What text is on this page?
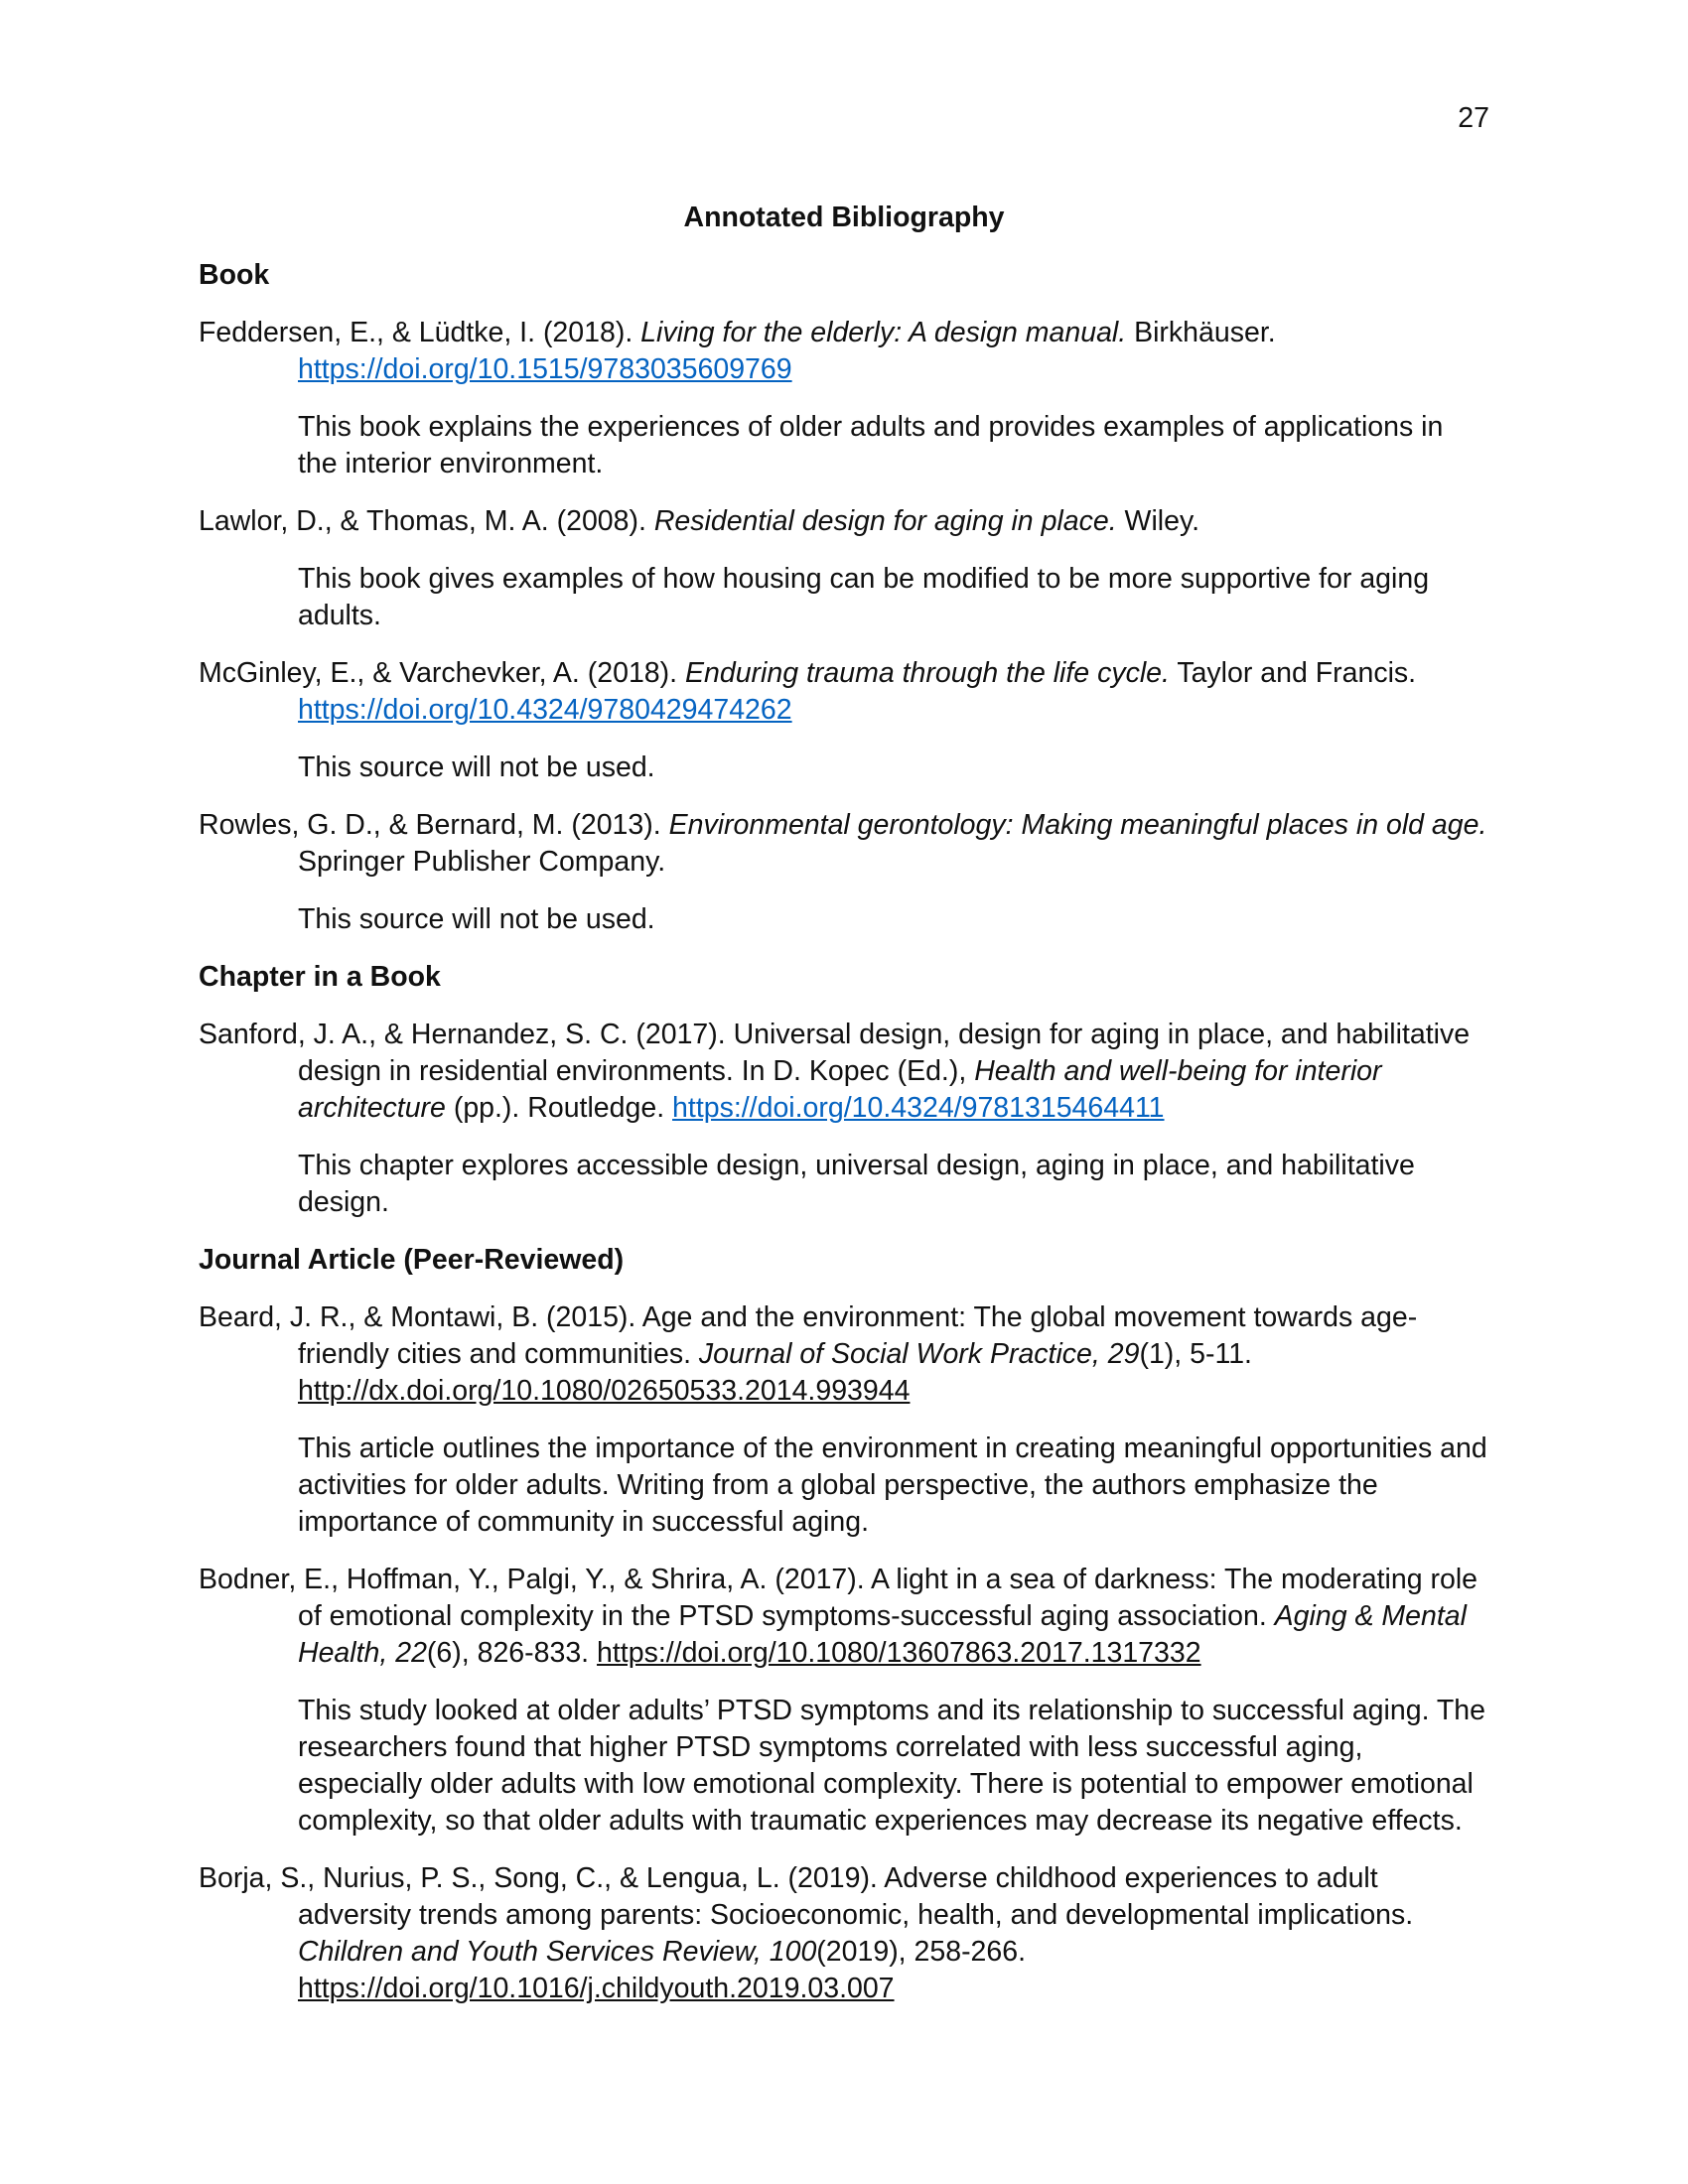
27
Annotated Bibliography
Book

Feddersen, E., & Lüdtke, I. (2018). Living for the elderly: A design manual. Birkhäuser. https://doi.org/10.1515/9783035609769

This book explains the experiences of older adults and provides examples of applications in the interior environment.

Lawlor, D., & Thomas, M. A. (2008). Residential design for aging in place. Wiley.

This book gives examples of how housing can be modified to be more supportive for aging adults.

McGinley, E., & Varchevker, A. (2018). Enduring trauma through the life cycle. Taylor and Francis. https://doi.org/10.4324/9780429474262

This source will not be used.

Rowles, G. D., & Bernard, M. (2013). Environmental gerontology: Making meaningful places in old age. Springer Publisher Company.

This source will not be used.

Chapter in a Book

Sanford, J. A., & Hernandez, S. C. (2017). Universal design, design for aging in place, and habilitative design in residential environments. In D. Kopec (Ed.), Health and well-being for interior architecture (pp.). Routledge. https://doi.org/10.4324/9781315464411

This chapter explores accessible design, universal design, aging in place, and habilitative design.

Journal Article (Peer-Reviewed)

Beard, J. R., & Montawi, B. (2015). Age and the environment: The global movement towards age-friendly cities and communities. Journal of Social Work Practice, 29(1), 5-11. http://dx.doi.org/10.1080/02650533.2014.993944

This article outlines the importance of the environment in creating meaningful opportunities and activities for older adults. Writing from a global perspective, the authors emphasize the importance of community in successful aging.

Bodner, E., Hoffman, Y., Palgi, Y., & Shrira, A. (2017). A light in a sea of darkness: The moderating role of emotional complexity in the PTSD symptoms-successful aging association. Aging & Mental Health, 22(6), 826-833. https://doi.org/10.1080/13607863.2017.1317332

This study looked at older adults’ PTSD symptoms and its relationship to successful aging. The researchers found that higher PTSD symptoms correlated with less successful aging, especially older adults with low emotional complexity. There is potential to empower emotional complexity, so that older adults with traumatic experiences may decrease its negative effects.

Borja, S., Nurius, P. S., Song, C., & Lengua, L. (2019). Adverse childhood experiences to adult adversity trends among parents: Socioeconomic, health, and developmental implications. Children and Youth Services Review, 100(2019), 258-266. https://doi.org/10.1016/j.childyouth.2019.03.007
